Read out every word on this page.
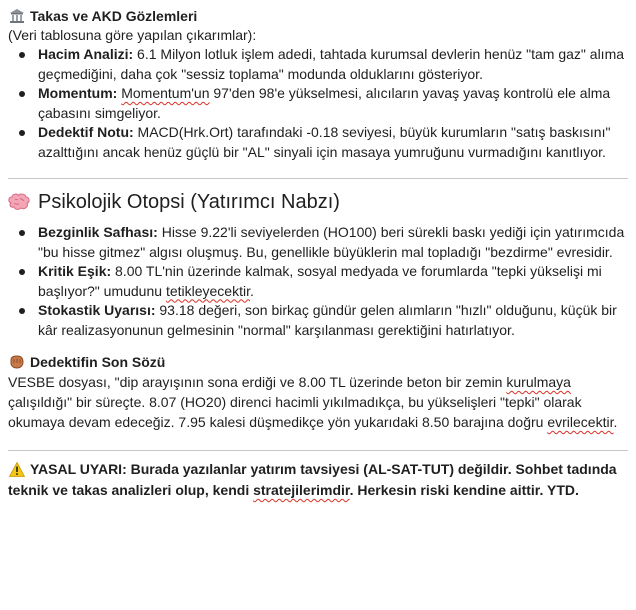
Takas ve AKD Gözlemleri
(Veri tablosuna göre yapılan çıkarımlar):
Hacim Analizi: 6.1 Milyon lotluk işlem adedi, tahtada kurumsal devlerin henüz "tam gaz" alıma geçmediğini, daha çok "sessiz toplama" modunda olduklarını gösteriyor.
Momentum: Momentum'un 97'den 98'e yükselmesi, alıcıların yavaş yavaş kontrolü ele alma çabasını simgeliyor.
Dedektif Notu: MACD(Hrk.Ort) tarafındaki -0.18 seviyesi, büyük kurumların "satış baskısını" azalttığını ancak henüz güçlü bir "AL" sinyali için masaya yumruğunu vurmadığını kanıtlıyor.
Psikolojik Otopsi (Yatırımcı Nabzı)
Bezginlik Safhası: Hisse 9.22'li seviyelerden (HO100) beri sürekli baskı yediği için yatırımcıda "bu hisse gitmez" algısı oluşmuş. Bu, genellikle büyüklerin mal topladığı "bezdirme" evresidir.
Kritik Eşik: 8.00 TL'nin üzerinde kalmak, sosyal medyada ve forumlarda "tepki yükselişi mi başlıyor?" umudunu tetikleyecektir.
Stokastik Uyarısı: 93.18 değeri, son birkaç gündür gelen alımların "hızlı" olduğunu, küçük bir kâr realizasyonunun gelmesinin "normal" karşılanması gerektiğini hatırlatıyor.
Dedektifin Son Sözü
VESBE dosyası, "dip arayışının sona erdiği ve 8.00 TL üzerinde beton bir zemin kurulmaya çalışıldığı" bir süreçte. 8.07 (HO20) direnci hacimli yıkılmadıkça, bu yükselişleri "tepki" olarak okumaya devam edeceğiz. 7.95 kalesi düşmedikçe yön yukarıdaki 8.50 barajına doğru evrilecektir.
YASAL UYARI: Burada yazılanlar yatırım tavsiyesi (AL-SAT-TUT) değildir. Sohbet tadında teknik ve takas analizleri olup, kendi stratejilerimdir. Herkesin riski kendine aittir. YTD.
